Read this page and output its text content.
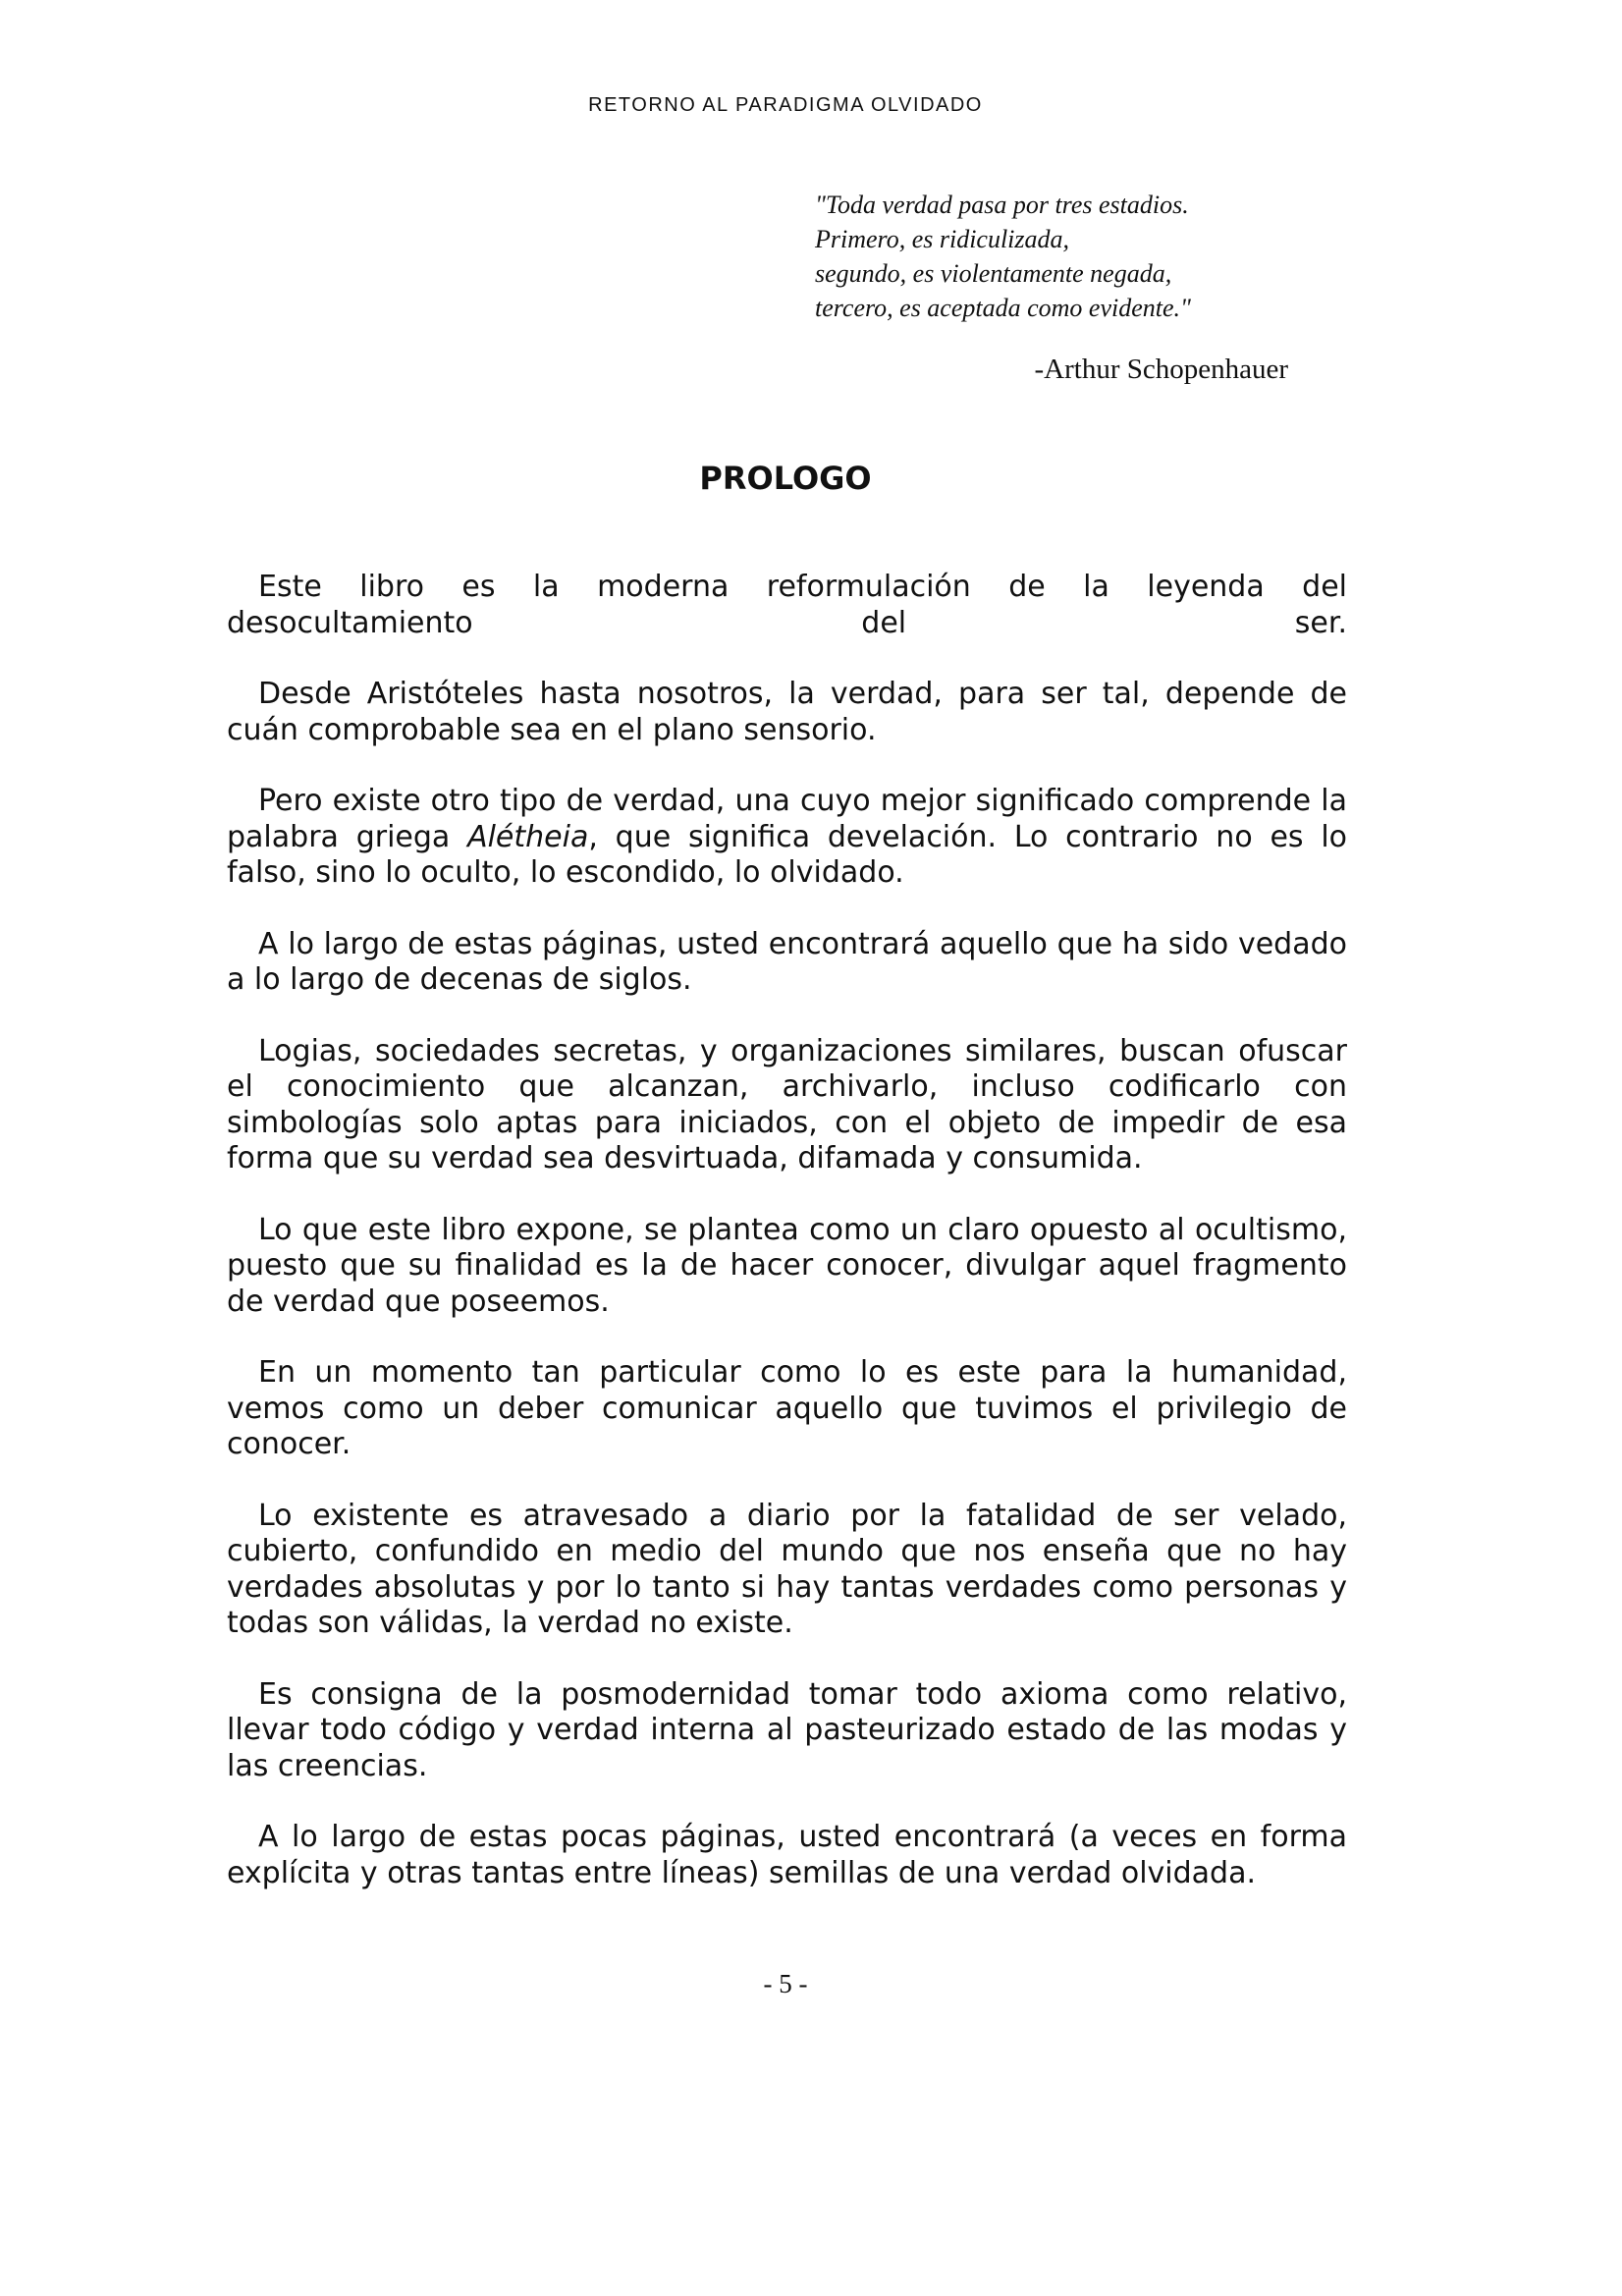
RETORNO AL PARADIGMA OLVIDADO
"Toda verdad pasa por tres estadios.
Primero, es ridiculizada,
segundo, es violentamente negada,
tercero, es aceptada como evidente."
-Arthur Schopenhauer
PROLOGO

Este libro es la moderna reformulación de la leyenda del desocultamiento del ser.

Desde Aristóteles hasta nosotros, la verdad, para ser tal, depende de cuán comprobable sea en el plano sensorio.

Pero existe otro tipo de verdad, una cuyo mejor significado comprende la palabra griega Alétheia, que significa develación. Lo contrario no es lo falso, sino lo oculto, lo escondido, lo olvidado.

A lo largo de estas páginas, usted encontrará aquello que ha sido vedado a lo largo de decenas de siglos.

Logias, sociedades secretas, y organizaciones similares, buscan ofuscar el conocimiento que alcanzan, archivarlo, incluso codificarlo con simbologías solo aptas para iniciados, con el objeto de impedir de esa forma que su verdad sea desvirtuada, difamada y consumida.

Lo que este libro expone, se plantea como un claro opuesto al ocultismo, puesto que su finalidad es la de hacer conocer, divulgar aquel fragmento de verdad que poseemos.

En un momento tan particular como lo es este para la humanidad, vemos como un deber comunicar aquello que tuvimos el privilegio de conocer.

Lo existente es atravesado a diario por la fatalidad de ser velado, cubierto, confundido en medio del mundo que nos enseña que no hay verdades absolutas y por lo tanto si hay tantas verdades como personas y todas son válidas, la verdad no existe.

Es consigna de la posmodernidad tomar todo axioma como relativo, llevar todo código y verdad interna al pasteurizado estado de las modas y las creencias.

A lo largo de estas pocas páginas, usted encontrará (a veces en forma explícita y otras tantas entre líneas) semillas de una verdad olvidada.

- 5 -
